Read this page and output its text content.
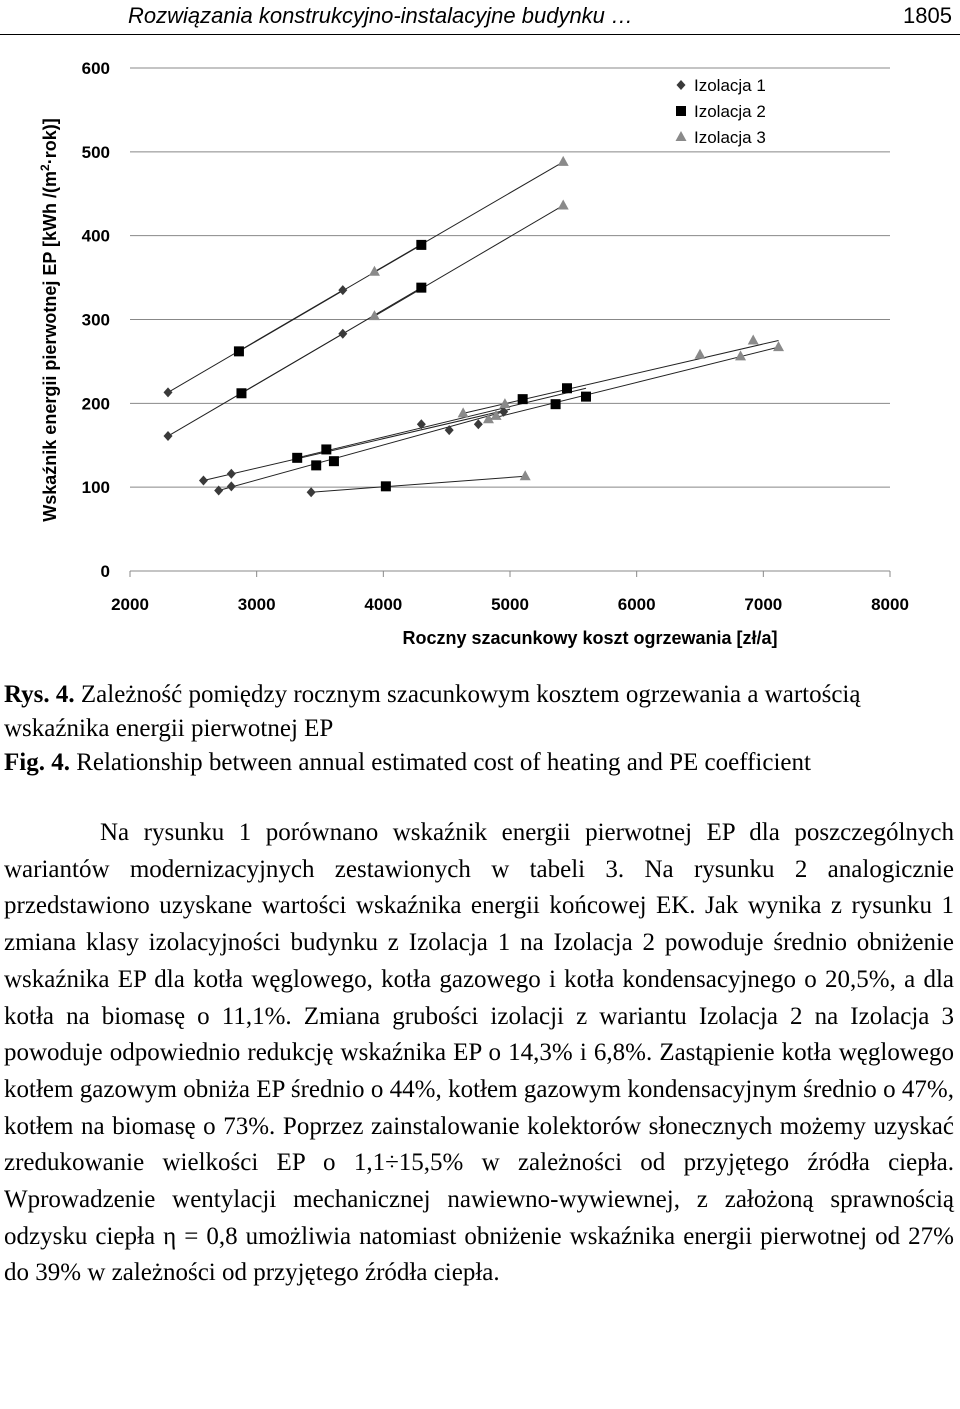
Rozwiązania konstrukcyjno-instalacyjne budynku …	1805
0
100
200
300
400
500
600
2000	3000	4000	5000	6000	7000	8000
Izolacja 1
Izolacja 2
Izolacja 3
Roczny szacunkowy koszt ogrzewania [zł/a]
Wskaźnik energii pierwotnej EP [kWh $/(m^2\cdot rok)$]
Rys. 4. Zależność pomiędzy rocznym szacunkowym kosztem ogrzewania a wartością wskaźnika energii pierwotnej EP
Fig. 4. Relationship between annual estimated cost of heating and PE coefficient

Na rysunku 1 porównano wskaźnik energii pierwotnej EP dla poszczególnych wariantów modernizacyjnych zestawionych w tabeli 3. Na rysunku 2 analogicznie przedstawiono uzyskane wartości wskaźnika energii końcowej EK. Jak wynika z rysunku 1 zmiana klasy izolacyjności budynku z Izolacja 1 na Izolacja 2 powoduje średnio obniżenie wskaźnika EP dla kotła węglowego, kotła gazowego i kotła kondensacyjnego o 20,5%, a dla kotła na biomasę o 11,1%. Zmiana grubości izolacji z wariantu Izolacja 2 na Izolacja 3 powoduje odpowiednio redukcję wskaźnika EP o 14,3% i 6,8%. Zastąpienie kotła węglowego kotłem gazowym obniża EP średnio o 44%, kotłem gazowym kondensacyjnym średnio o 47%, kotłem na biomasę o 73%. Poprzez zainstalowanie kolektorów słonecznych możemy uzyskać zredukowanie wielkości EP o 1,1÷15,5% w zależności od przyjętego źródła ciepła. Wprowadzenie wentylacji mechanicznej nawiewno-wywiewnej, z założoną sprawnością odzysku ciepła η = 0,8 umożliwia natomiast obniżenie wskaźnika energii pierwotnej od 27% do 39% w zależności od przyjętego źródła ciepła.
